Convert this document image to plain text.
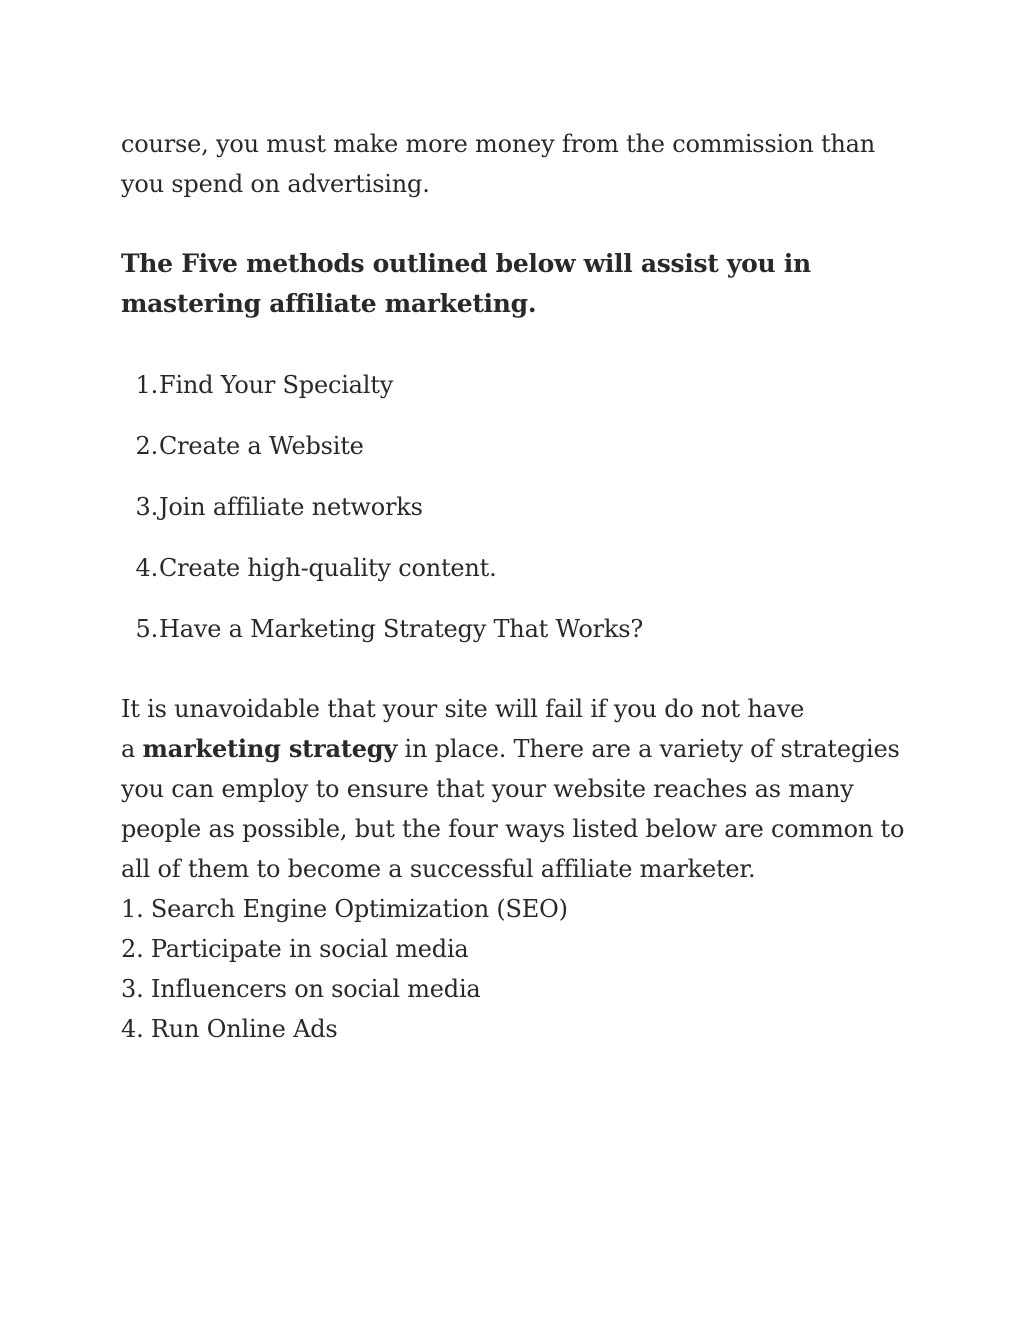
course, you must make more money from the commission than
you spend on advertising.

The Five methods outlined below will assist you in
mastering affiliate marketing.
1. Find Your Specialty
2. Create a Website
3. Join affiliate networks
4. Create high-quality content.
5. Have a Marketing Strategy That Works?
It is unavoidable that your site will fail if you do not have
a marketing strategy in place. There are a variety of strategies
you can employ to ensure that your website reaches as many
people as possible, but the four ways listed below are common to
all of them to become a successful affiliate marketer.
1. Search Engine Optimization (SEO)
2. Participate in social media
3. Influencers on social media
4. Run Online Ads
